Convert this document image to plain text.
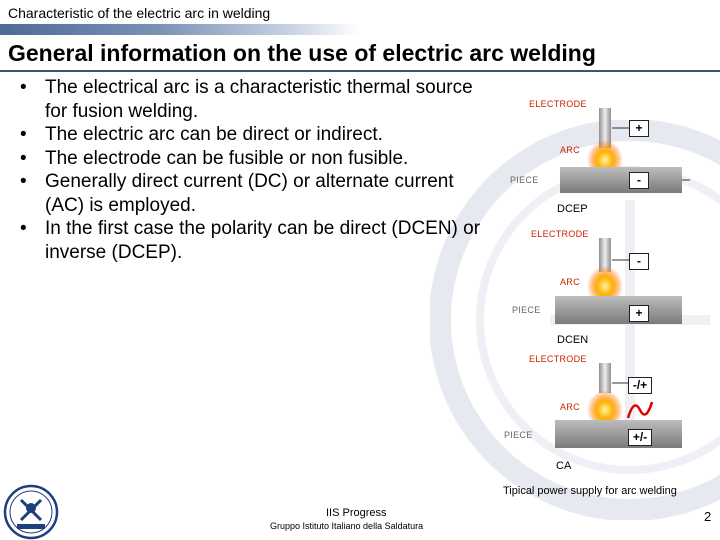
Characteristic of the electric arc in welding
General information on the use of electric arc welding
• The electrical arc is a characteristic thermal source for fusion welding.
• The electric arc can be direct or indirect.
• The electrode can be fusible or non fusible.
• Generally direct current (DC) or alternate current (AC) is employed.
• In the first case the polarity can be direct (DCEN) or inverse (DCEP).
ELECTRODE
ARC
PIECE
+
-
DCEP
ELECTRODE
ARC
PIECE
-
+
DCEN
ELECTRODE
ARC
PIECE
-/+
+/-
CA
Tipical power supply for arc welding
IIS Progress
Gruppo Istituto Italiano della Saldatura
2
